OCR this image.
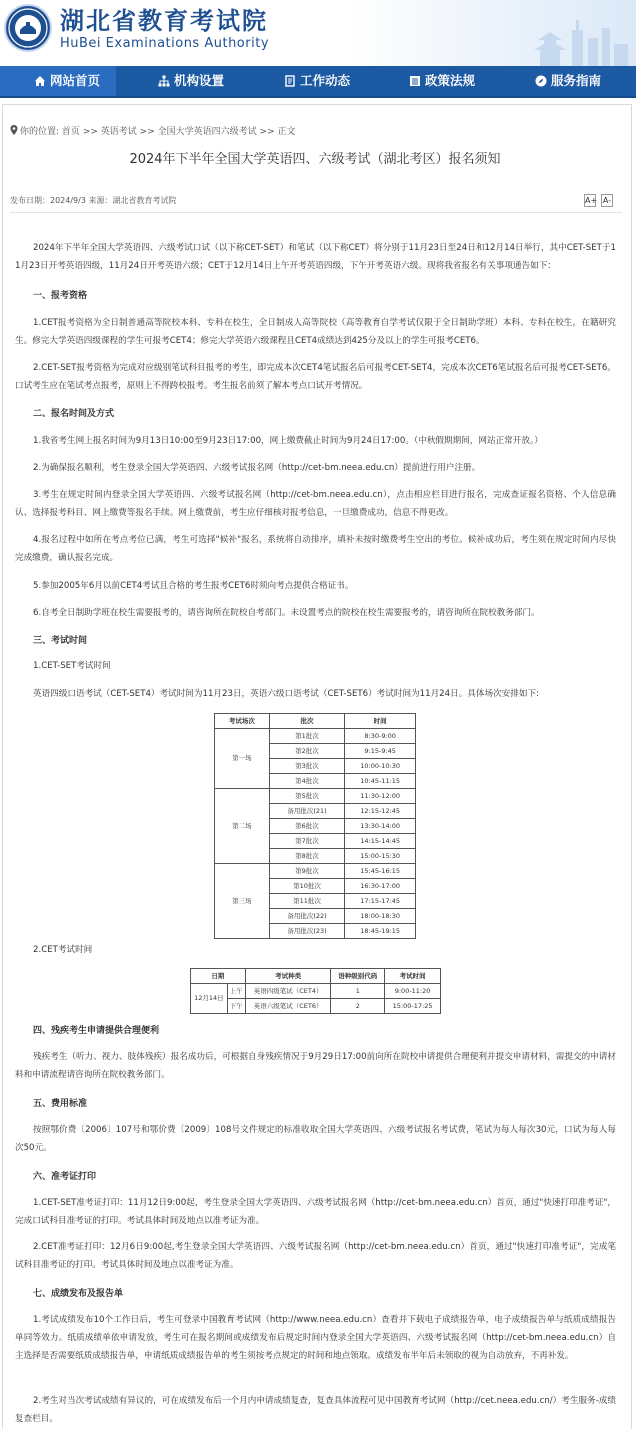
湖北省教育考试院
HuBei Examinations Authority
网站首页	机构设置	工作动态	政策法规	服务指南
你的位置: 首页 >> 英语考试 >> 全国大学英语四六级考试 >> 正文
2024年下半年全国大学英语四、六级考试（湖北考区）报名须知
发布日期：2024/9/3 来源：湖北省教育考试院	A+ A-
2024年下半年全国大学英语四、六级考试口试（以下称CET-SET）和笔试（以下称CET）将分别于11月23日至24日和12月14日举行，其中CET-SET于11月23日开考英语四级，11月24日开考英语六级；CET于12月14日上午开考英语四级，下午开考英语六级。现将我省报名有关事项通告如下：
一、报考资格
1.CET报考资格为全日制普通高等院校本科、专科在校生，全日制成人高等院校（高等教育自学考试仅限于全日制助学班）本科、专科在校生，在籍研究生。修完大学英语四级课程的学生可报考CET4；修完大学英语六级课程且CET4成绩达到425分及以上的学生可报考CET6。
2.CET-SET报考资格为完成对应级别笔试科目报考的考生，即完成本次CET4笔试报名后可报考CET-SET4，完成本次CET6笔试报名后可报考CET-SET6。口试考生应在笔试考点报考，原则上不得跨校报考。考生报名前须了解本考点口试开考情况。
二、报名时间及方式
1.我省考生网上报名时间为9月13日10:00至9月23日17:00，网上缴费截止时间为9月24日17:00。（中秋假期期间，网站正常开放。）
2.为确保报名顺利，考生登录全国大学英语四、六级考试报名网（http://cet-bm.neea.edu.cn）提前进行用户注册。
3.考生在规定时间内登录全国大学英语四、六级考试报名网（http://cet-bm.neea.edu.cn），点击相应栏目进行报名，完成查证报名资格、个人信息确认、选择报考科目、网上缴费等报名手续。网上缴费前，考生应仔细核对报考信息，一旦缴费成功，信息不得更改。
4.报名过程中如所在考点考位已满，考生可选择"候补"报名，系统将自动排序，填补未按时缴费考生空出的考位。候补成功后，考生须在规定时间内尽快完成缴费，确认报名完成。
5.参加2005年6月以前CET4考试且合格的考生报考CET6时须向考点提供合格证书。
6.自考全日制助学班在校生需要报考的，请咨询所在院校自考部门。未设置考点的院校在校生需要报考的，请咨询所在院校教务部门。
三、考试时间
1.CET-SET考试时间
英语四级口语考试（CET-SET4）考试时间为11月23日，英语六级口语考试（CET-SET6）考试时间为11月24日。具体场次安排如下:
考试场次	批次	时间
第一场	第1批次	8:30-9:00
	第2批次	9:15-9:45
	第3批次	10:00-10:30
	第4批次	10:45-11:15
第二场	第5批次	11:30-12:00
	备用批次(21)	12:15-12:45
	第6批次	13:30-14:00
	第7批次	14:15-14:45
	第8批次	15:00-15:30
第三场	第9批次	15:45-16:15
	第10批次	16:30-17:00
	第11批次	17:15-17:45
	备用批次(22)	18:00-18:30
	备用批次(23)	18:45-19:15
2.CET考试时间
日期		考试种类	语种级别代码	考试时间
12月14日	上午	英语四级笔试（CET4）	1	9:00-11:20
	下午	英语六级笔试（CET6）	2	15:00-17:25
四、残疾考生申请提供合理便利
残疾考生（听力、视力、肢体残疾）报名成功后，可根据自身残疾情况于9月29日17:00前向所在院校申请提供合理便利并提交申请材料，需提交的申请材料和申请流程请咨询所在院校教务部门。
五、费用标准
按照鄂价费〔2006〕107号和鄂价费〔2009〕108号文件规定的标准收取全国大学英语四、六级考试报名考试费，笔试为每人每次30元，口试为每人每次50元。
六、准考证打印
1.CET-SET准考证打印：11月12日9:00起，考生登录全国大学英语四、六级考试报名网（http://cet-bm.neea.edu.cn）首页，通过"快速打印准考证"，完成口试科目准考证的打印。考试具体时间及地点以准考证为准。
2.CET准考证打印：12月6日9:00起,考生登录全国大学英语四、六级考试报名网（http://cet-bm.neea.edu.cn）首页，通过"快速打印准考证"，完成笔试科目准考证的打印。考试具体时间及地点以准考证为准。
七、成绩发布及报告单
1.考试成绩发布10个工作日后，考生可登录中国教育考试网（http://www.neea.edu.cn）查看并下载电子成绩报告单，电子成绩报告单与纸质成绩报告单同等效力。纸质成绩单依申请发放，考生可在报名期间或成绩发布后规定时间内登录全国大学英语四、六级考试报名网（http://cet-bm.neea.edu.cn）自主选择是否需要纸质成绩报告单，申请纸质成绩报告单的考生须按考点规定的时间和地点领取。成绩发布半年后未领取的视为自动放弃，不再补发。
2.考生对当次考试成绩有异议的，可在成绩发布后一个月内申请成绩复查，复查具体流程可见中国教育考试网（http://cet.neea.edu.cn/）考生服务-成绩复查栏目。
